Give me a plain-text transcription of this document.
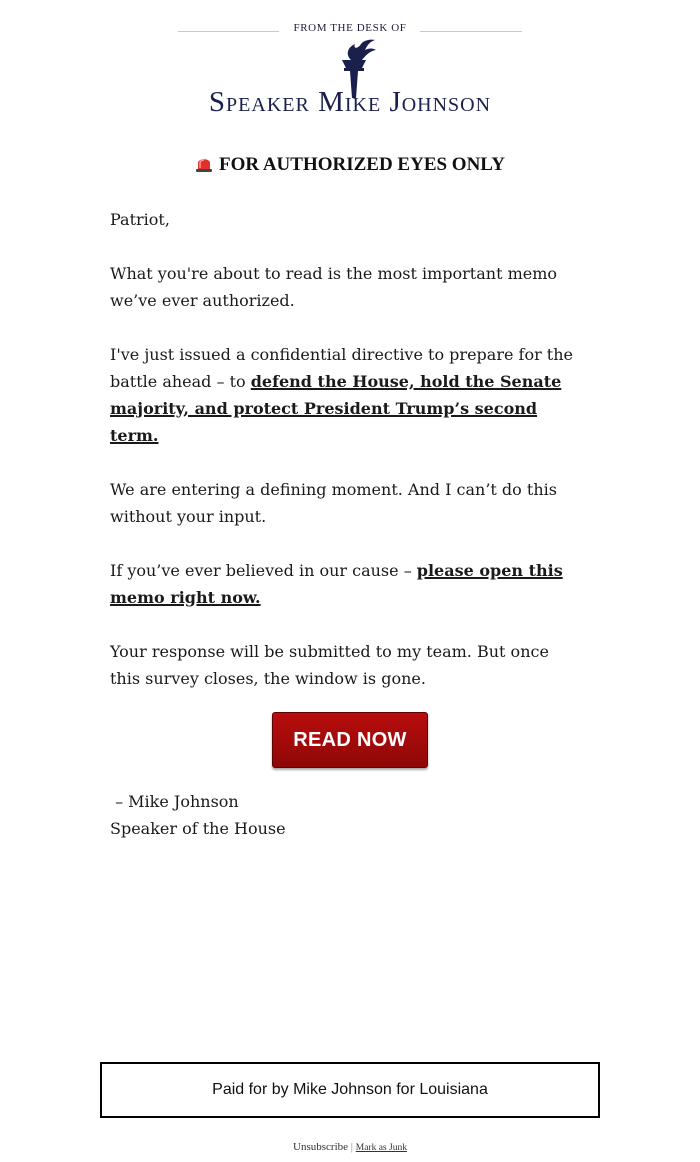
FROM THE DESK OF
Speaker Mike Johnson
FOR AUTHORIZED EYES ONLY

Patriot,

What you're about to read is the most important memo we’ve ever authorized.

I've just issued a confidential directive to prepare for the battle ahead – to defend the House, hold the Senate majority, and protect President Trump’s second term.

We are entering a defining moment. And I can’t do this without your input.

If you’ve ever believed in our cause – please open this memo right now.

Your response will be submitted to my team. But once this survey closes, the window is gone.

READ NOW
– Mike Johnson
Speaker of the House
Paid for by Mike Johnson for Louisiana
Unsubscribe | Mark as Junk
